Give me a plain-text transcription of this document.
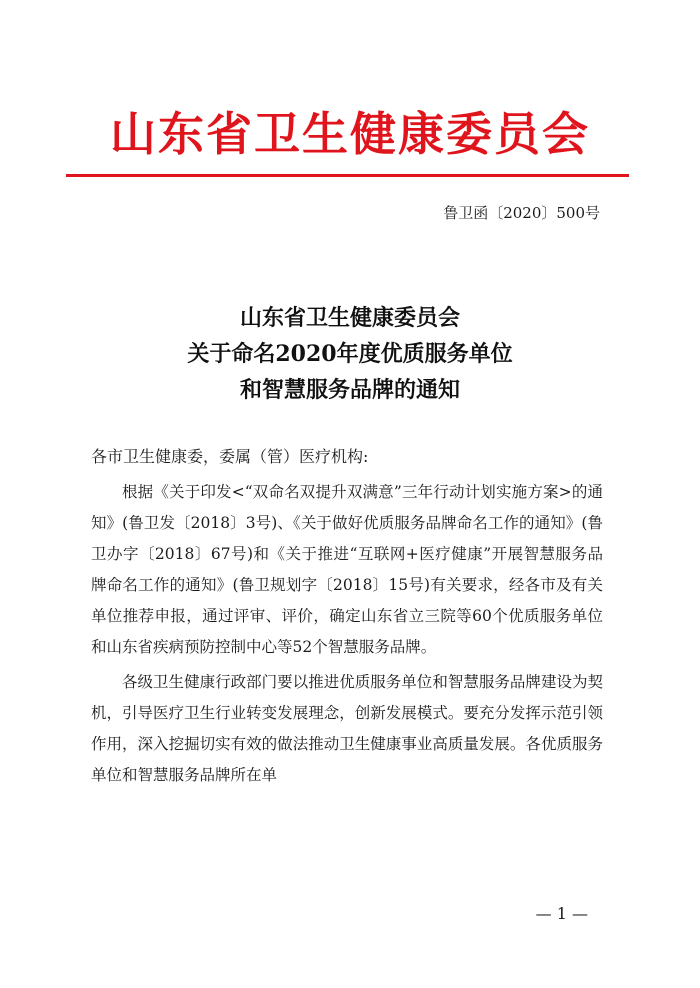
山东省卫生健康委员会
鲁卫函〔2020〕500号
山东省卫生健康委员会
关于命名2020年度优质服务单位
和智慧服务品牌的通知
各市卫生健康委，委属（管）医疗机构:

根据《关于印发<“双命名双提升双满意”三年行动计划实施方案>的通知》(鲁卫发〔2018〕3号)、《关于做好优质服务品牌命名工作的通知》(鲁卫办字〔2018〕67号)和《关于推进“互联网+医疗健康”开展智慧服务品牌命名工作的通知》(鲁卫规划字〔2018〕15号)有关要求，经各市及有关单位推荐申报，通过评审、评价，确定山东省立三院等60个优质服务单位和山东省疾病预防控制中心等52个智慧服务品牌。

各级卫生健康行政部门要以推进优质服务单位和智慧服务品牌建设为契机，引导医疗卫生行业转变发展理念，创新发展模式。要充分发挥示范引领作用，深入挖掘切实有效的做法推动卫生健康事业高质量发展。各优质服务单位和智慧服务品牌所在单

— 1 —
